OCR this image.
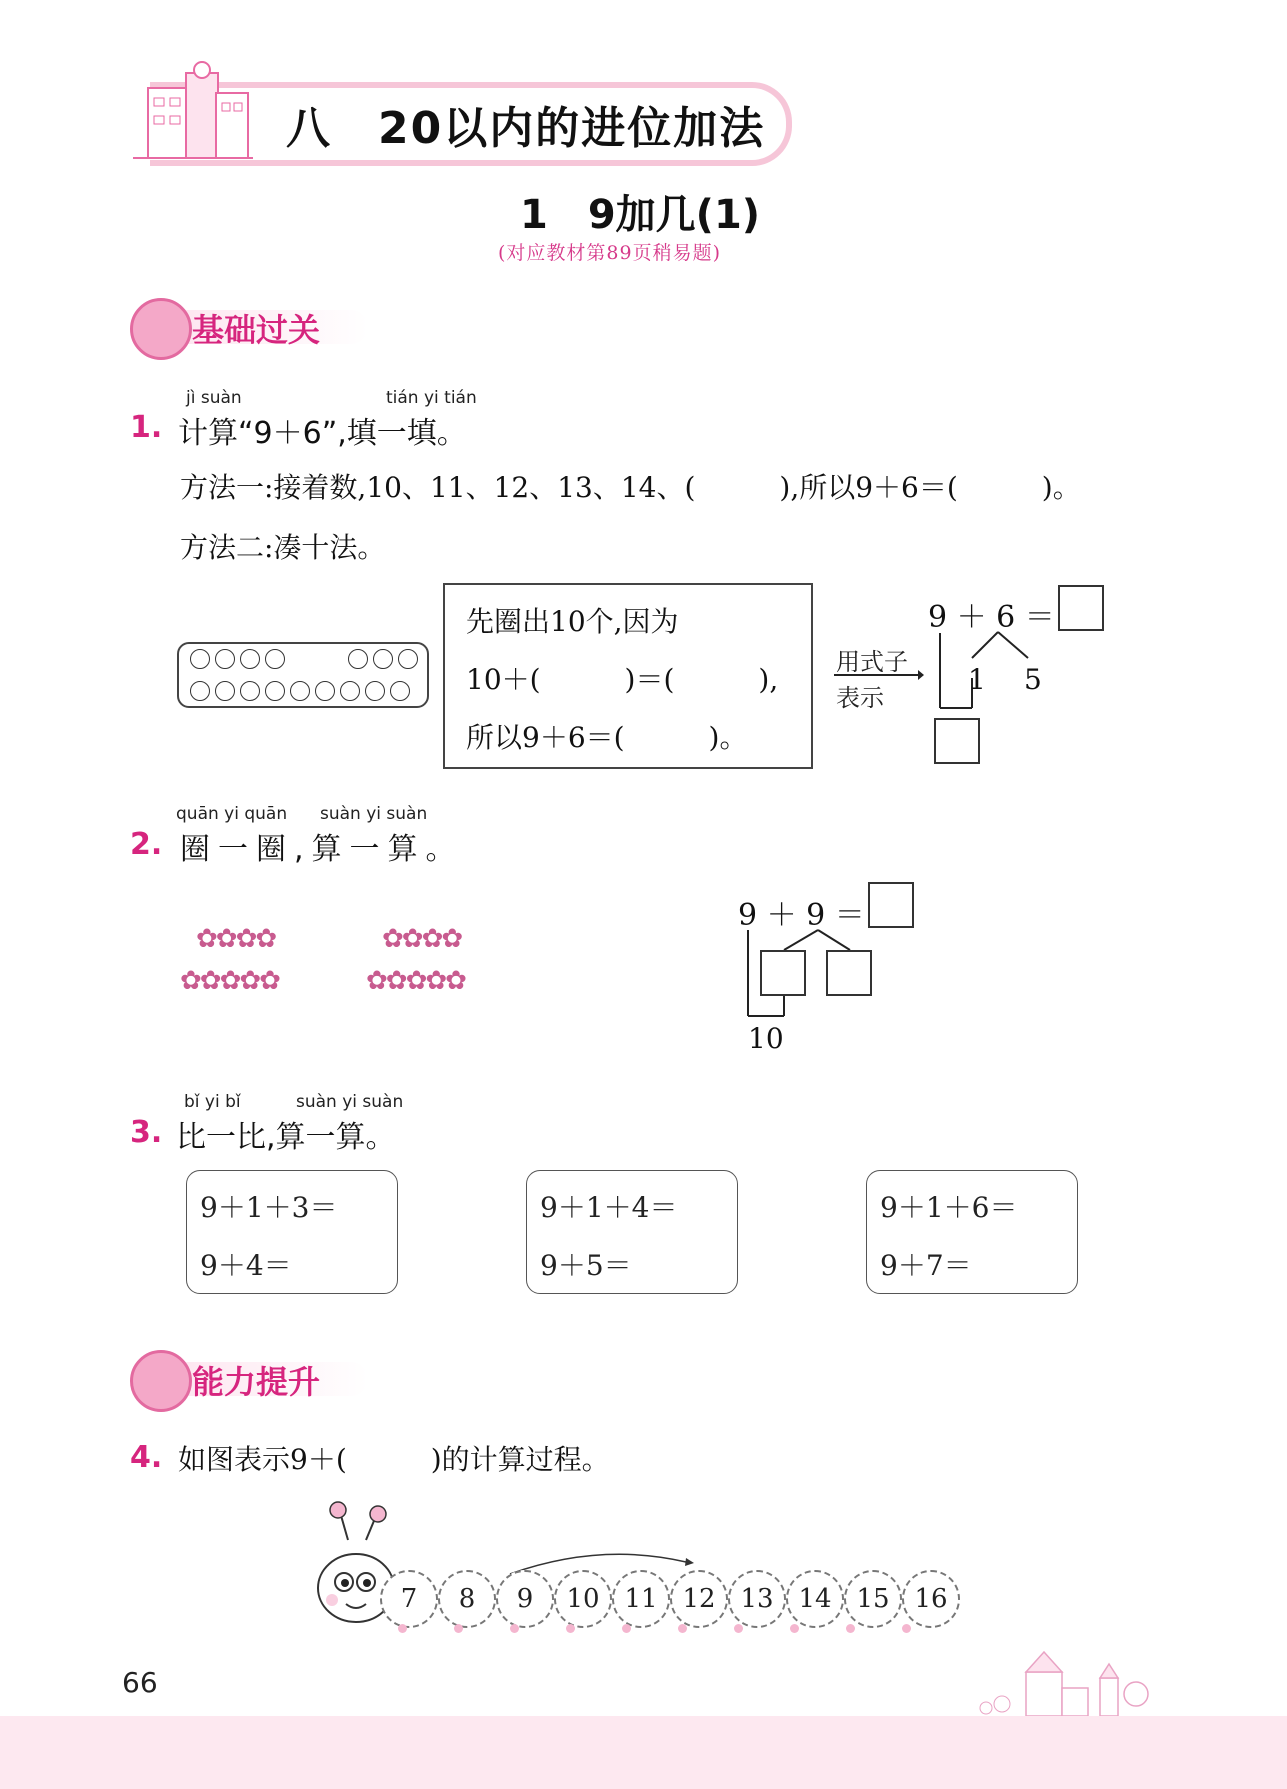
八　20以内的进位加法
1　9加几(1)
(对应教材第89页稍易题)
基础过关
jì suàn	tián yi tián
1. 计算“9＋6”,填一填。
方法一:接着数,10、11、12、13、14、(　　　),所以9＋6＝(　　　)。
方法二:凑十法。
先圈出10个,因为
10＋(　　　)＝(　　　),
所以9＋6＝(　　　)。
用式子
表示
9 ＋ 6 ＝
1 5
quān yi quān suàn yi suàn
2. 圈一圈,算一算。
✿✿✿✿
✿✿✿✿✿
✿✿✿✿
✿✿✿✿✿
9 ＋ 9 ＝
10
bǐ yi bǐ	suàn yi suàn
3. 比一比,算一算。
9＋1＋3＝
9＋4＝
9＋1＋4＝
9＋5＝
9＋1＋6＝
9＋7＝
能力提升
4. 如图表示9＋(　　　)的计算过程。
7	8	9	10 11 12 13 14 15 16
66
